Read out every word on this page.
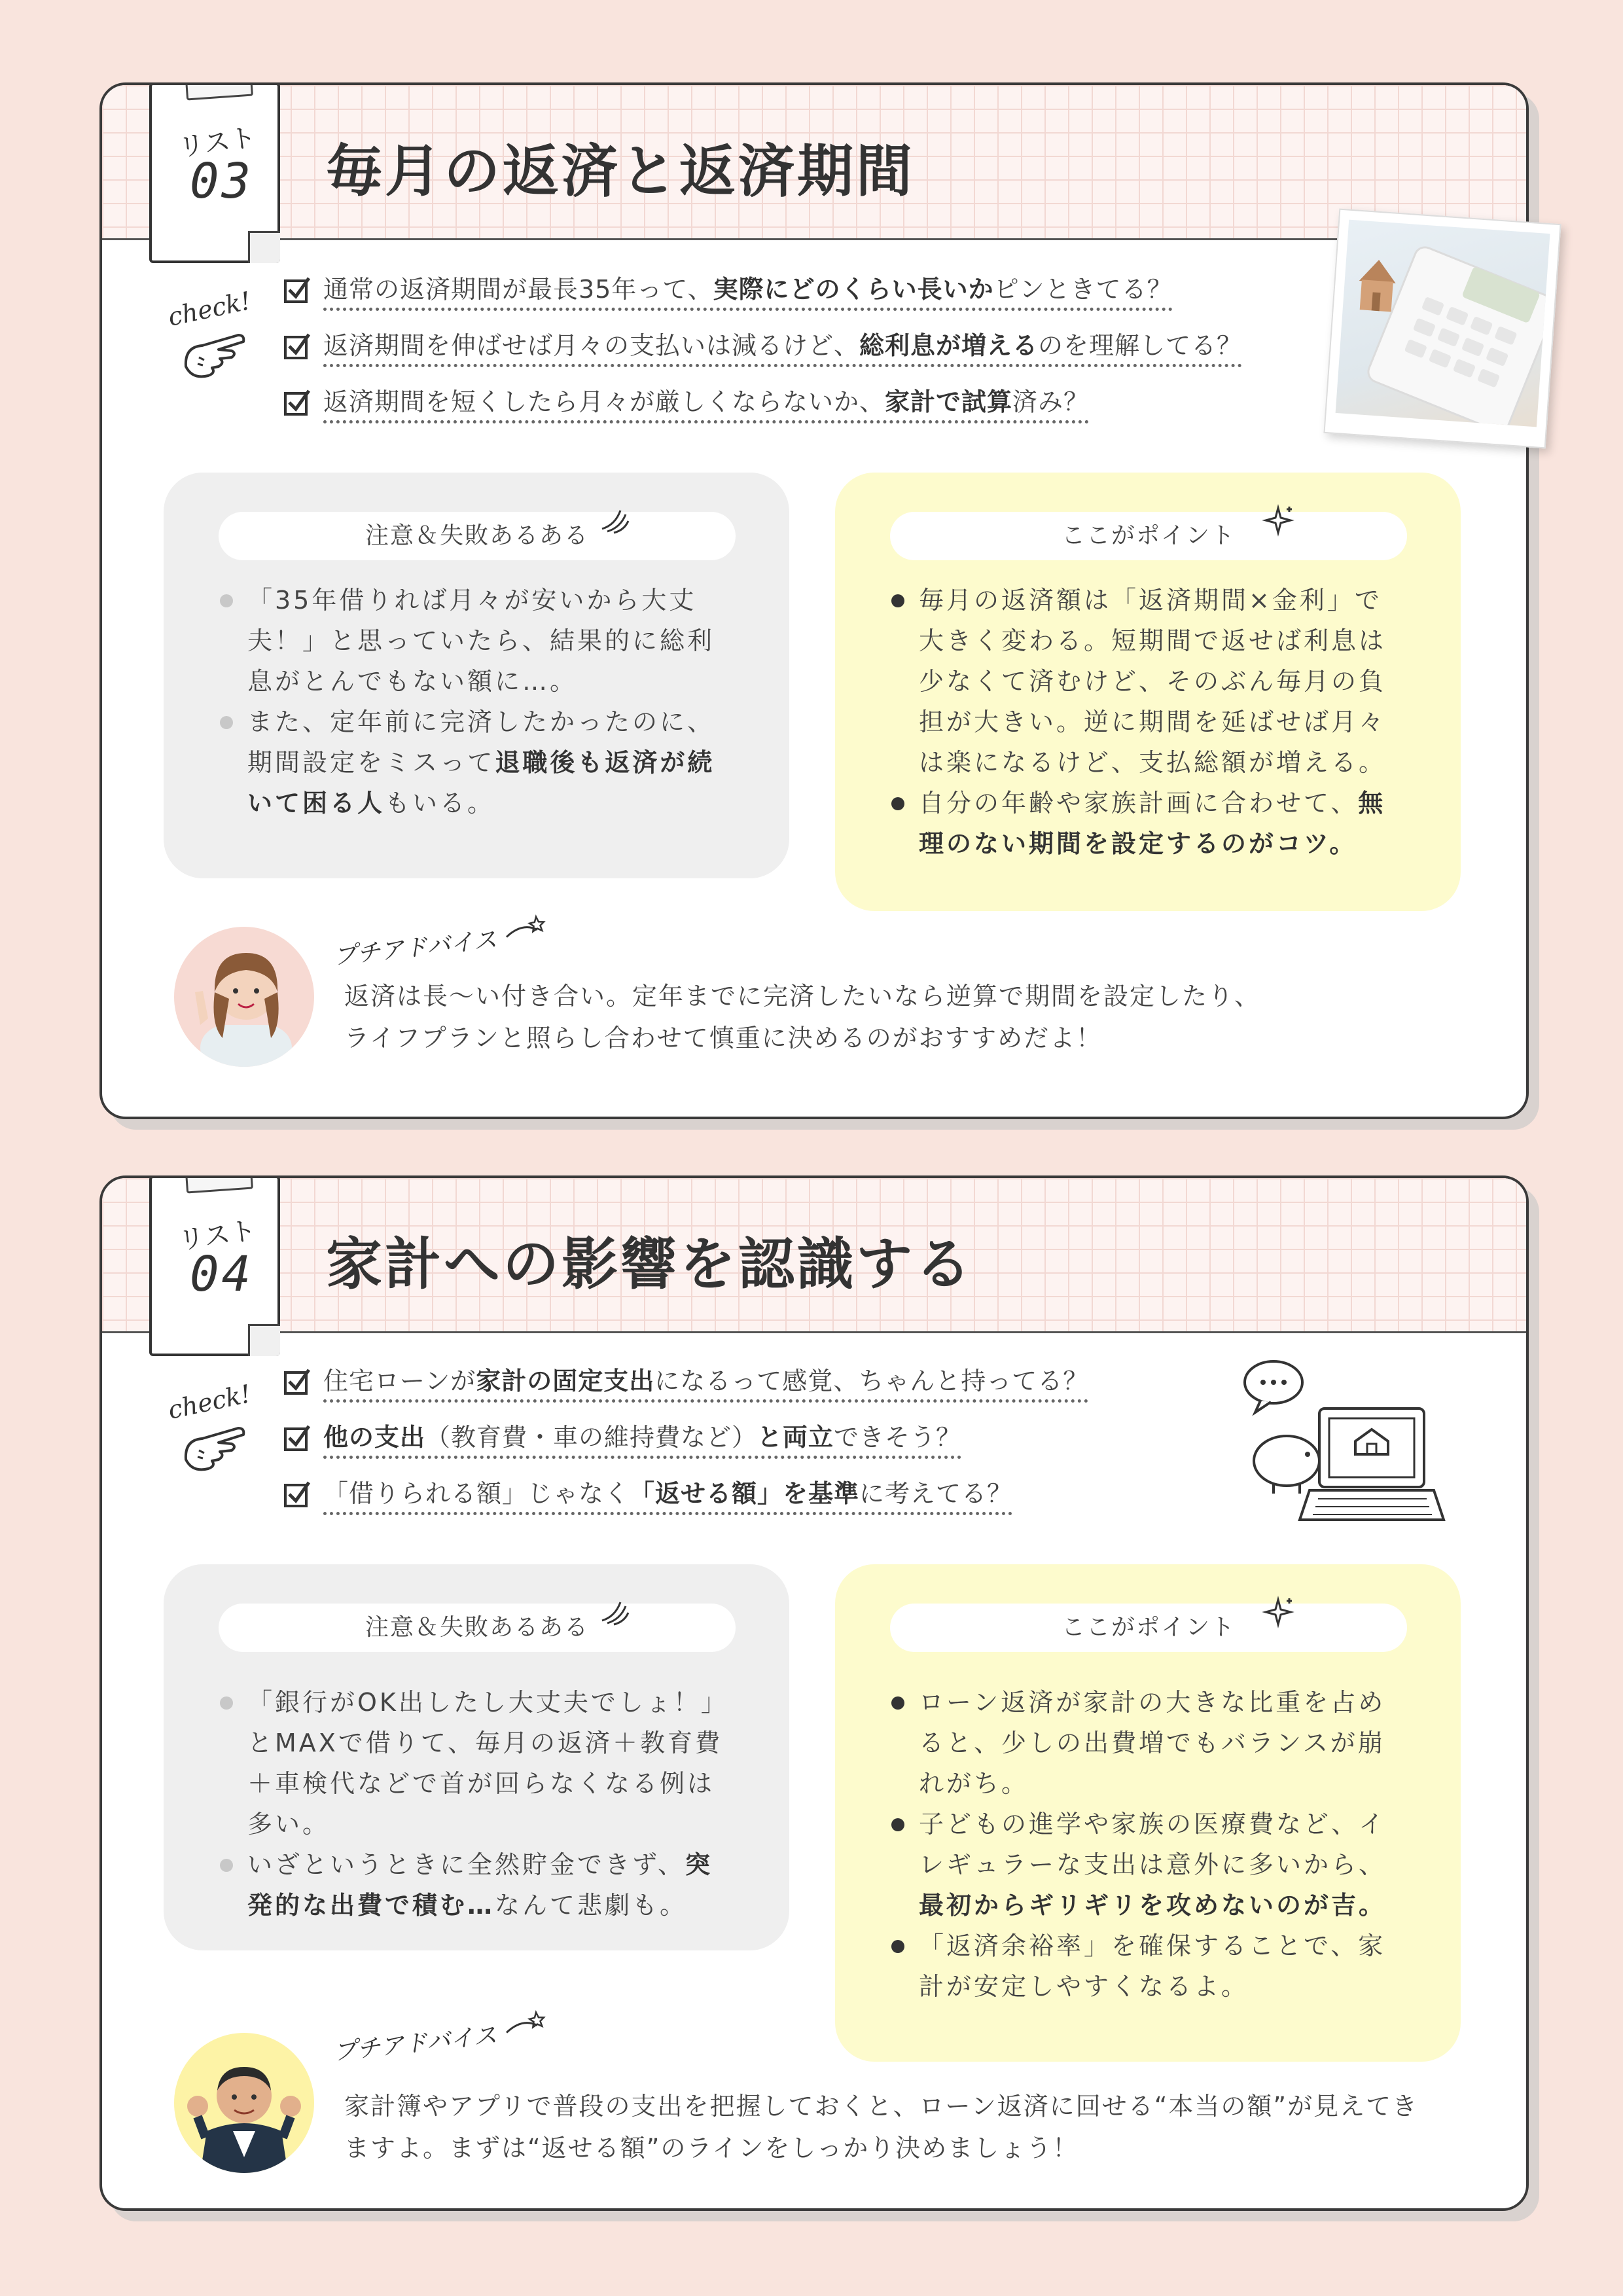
リスト
03 毎月の返済と返済期間
check!	通常の返済期間が最長35年って、実際にどのくらい長いかピンときてる？
返済期間を伸ばせば月々の支払いは減るけど、総利息が増えるのを理解してる？
返済期間を短くしたら月々が厳しくならないか、家計で試算済み？
注意＆失敗あるある
「35年借りれば月々が安いから大丈夫！」と思っていたら、結果的に総利息がとんでもない額に…。
また、定年前に完済したかったのに、期間設定をミスって退職後も返済が続いて困る人もいる。
ここがポイント
毎月の返済額は「返済期間×金利」で大きく変わる。短期間で返せば利息は少なくて済むけど、そのぶん毎月の負担が大きい。逆に期間を延ばせば月々は楽になるけど、支払総額が増える。
自分の年齢や家族計画に合わせて、無理のない期間を設定するのがコツ。
プチアドバイス
返済は長〜い付き合い。定年までに完済したいなら逆算で期間を設定したり、
ライフプランと照らし合わせて慎重に決めるのがおすすめだよ！
リスト
04 家計への影響を認識する
check!	住宅ローンが家計の固定支出になるって感覚、ちゃんと持ってる？
他の支出（教育費・車の維持費など）と両立できそう？
「借りられる額」じゃなく「返せる額」を基準に考えてる？
注意＆失敗あるある
「銀行がOK出したし大丈夫でしょ！」とMAXで借りて、毎月の返済＋教育費＋車検代などで首が回らなくなる例は多い。
いざというときに全然貯金できず、突発的な出費で積む…なんて悲劇も。
ここがポイント
ローン返済が家計の大きな比重を占めると、少しの出費増でもバランスが崩れがち。
子どもの進学や家族の医療費など、イレギュラーな支出は意外に多いから、最初からギリギリを攻めないのが吉。
「返済余裕率」を確保することで、家計が安定しやすくなるよ。
プチアドバイス
家計簿やアプリで普段の支出を把握しておくと、ローン返済に回せる“本当の額”が見えてき
ますよ。まずは“返せる額”のラインをしっかり決めましょう！
